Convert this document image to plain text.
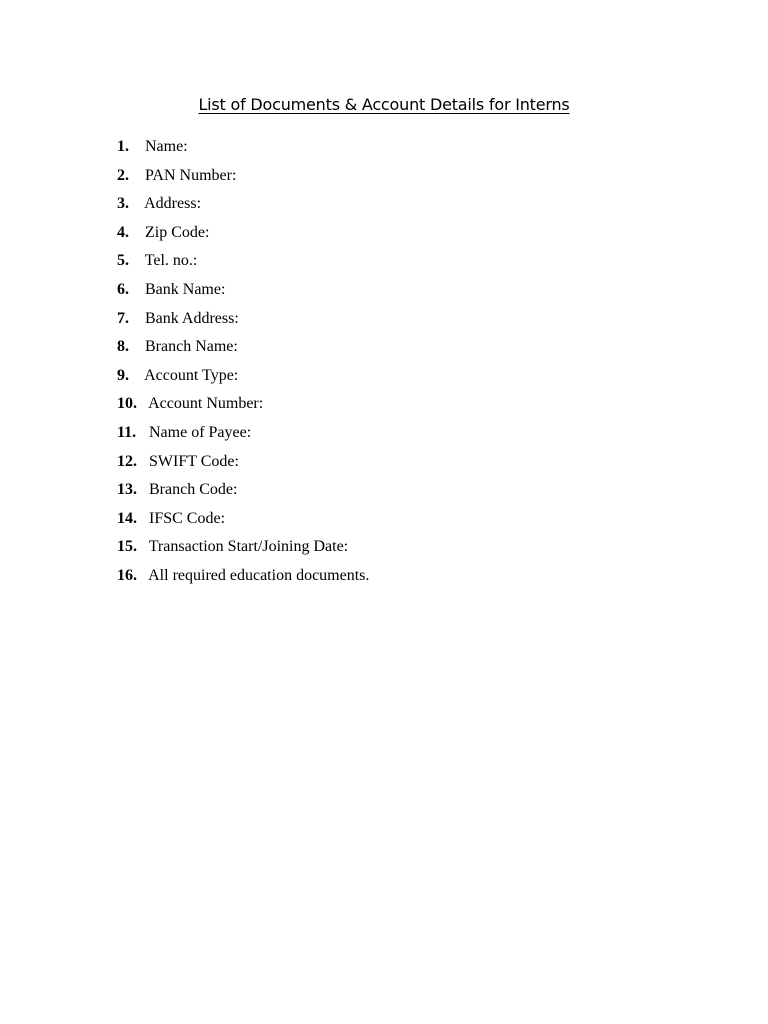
List of Documents & Account Details for Interns
1. Name:
2. PAN Number:
3. Address:
4. Zip Code:
5. Tel. no.:
6. Bank Name:
7. Bank Address:
8. Branch Name:
9. Account Type:
10. Account Number:
11. Name of Payee:
12. SWIFT Code:
13. Branch Code:
14. IFSC Code:
15. Transaction Start/Joining Date:
16. All required education documents.
